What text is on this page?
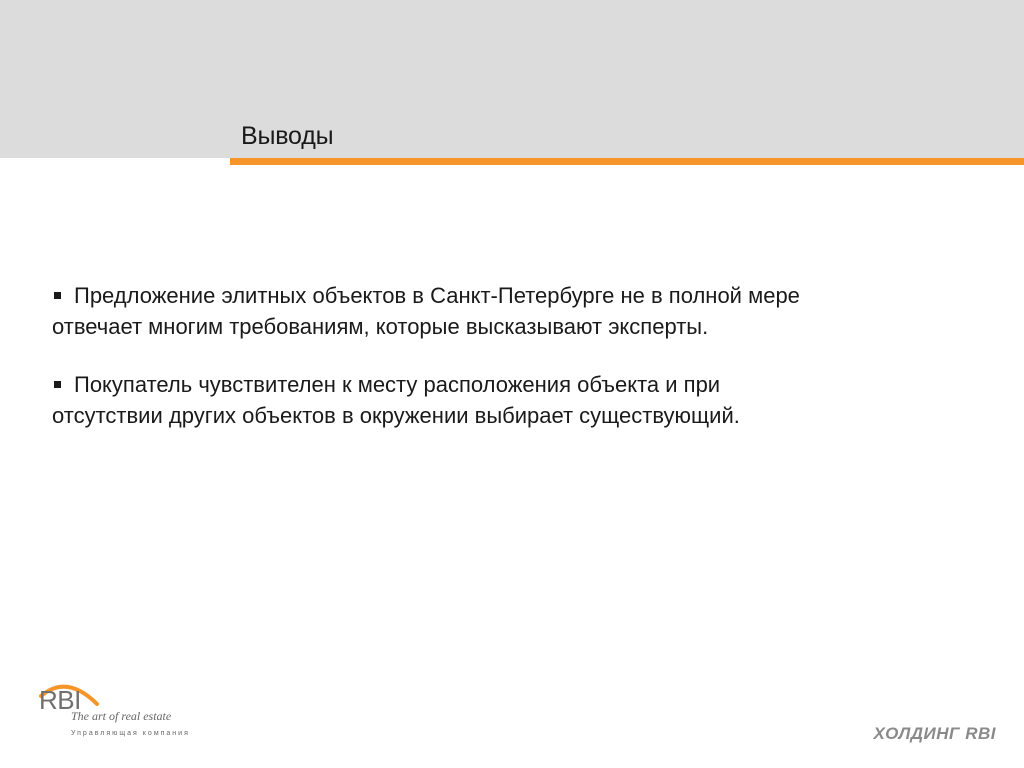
Выводы
Предложение элитных объектов в Санкт-Петербурге не в полной мере
отвечает многим требованиям, которые высказывают эксперты.
Покупатель чувствителен к месту расположения объекта и при
отсутствии других объектов в окружении выбирает существующий.
RBI
The art of real estate
Управляющая компания	ХОЛДИНГ RBI
